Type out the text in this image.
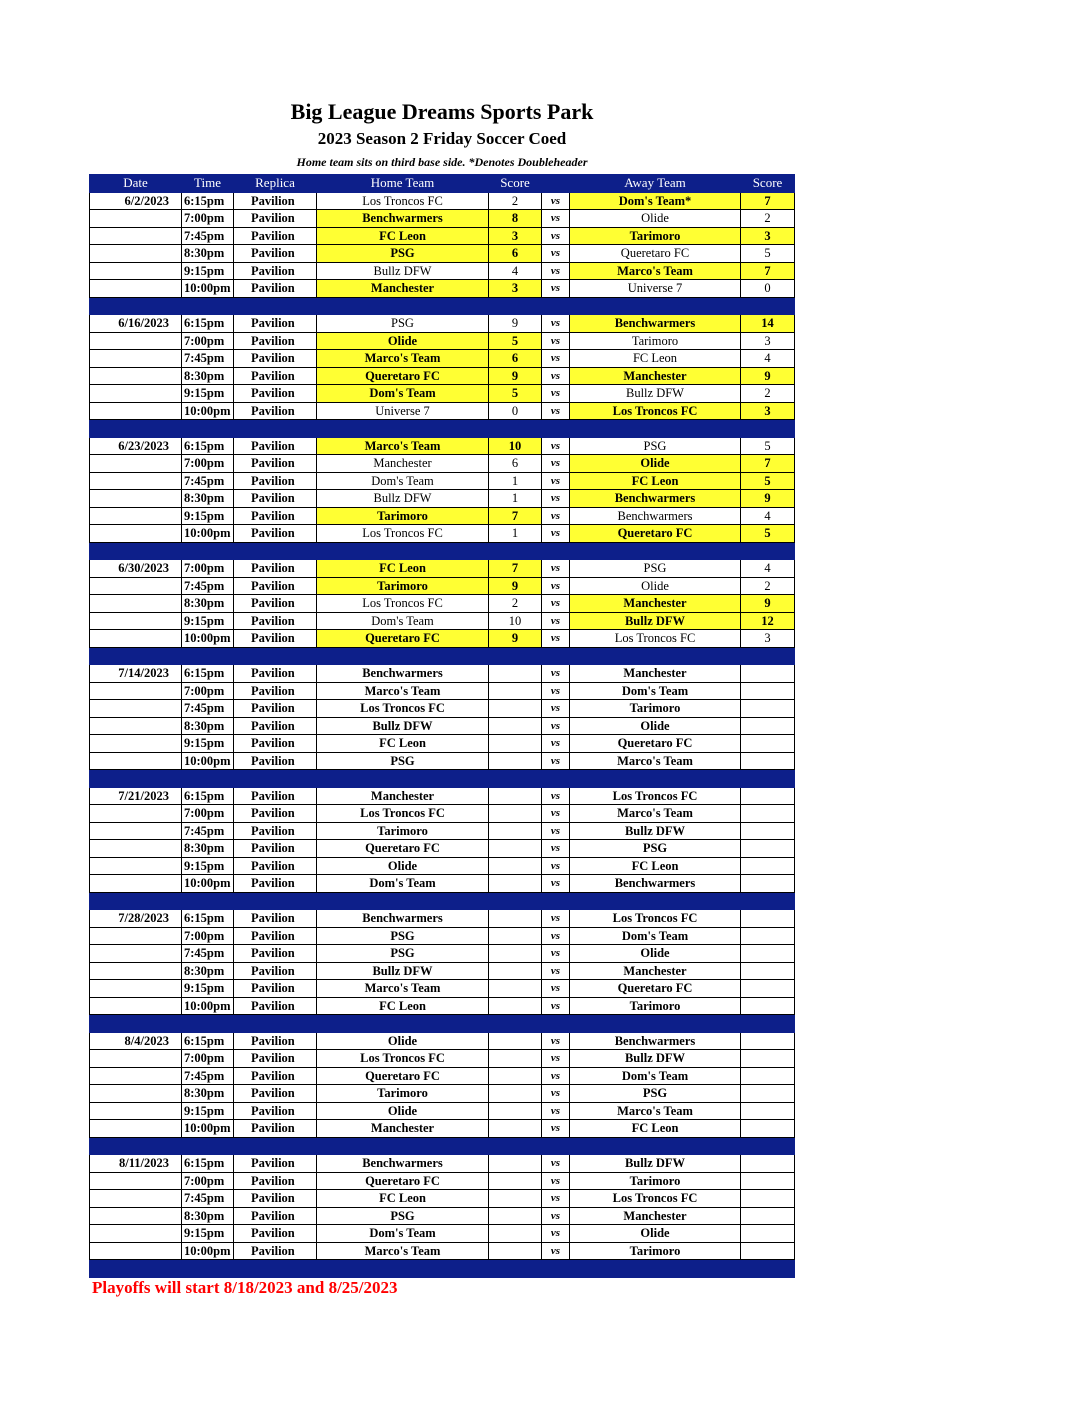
Big League Dreams Sports Park
2023 Season 2 Friday Soccer Coed
Home team sits on third base side. *Denotes Doubleheader
Date	Time	Replica	Home Team	Score		Away Team	Score
6/2/2023	6:15pm	Pavilion	Los Troncos FC	2	vs	Dom's Team*	7
	7:00pm	Pavilion	Benchwarmers	8	vs	Olide	2
	7:45pm	Pavilion	FC Leon	3	vs	Tarimoro	3
	8:30pm	Pavilion	PSG	6	vs	Queretaro FC	5
	9:15pm	Pavilion	Bullz DFW	4	vs	Marco's Team	7
	10:00pm	Pavilion	Manchester	3	vs	Universe 7	0

6/16/2023	6:15pm	Pavilion	PSG	9	vs	Benchwarmers	14
	7:00pm	Pavilion	Olide	5	vs	Tarimoro	3
	7:45pm	Pavilion	Marco's Team	6	vs	FC Leon	4
	8:30pm	Pavilion	Queretaro FC	9	vs	Manchester	9
	9:15pm	Pavilion	Dom's Team	5	vs	Bullz DFW	2
	10:00pm	Pavilion	Universe 7	0	vs	Los Troncos FC	3

6/23/2023	6:15pm	Pavilion	Marco's Team	10	vs	PSG	5
	7:00pm	Pavilion	Manchester	6	vs	Olide	7
	7:45pm	Pavilion	Dom's Team	1	vs	FC Leon	5
	8:30pm	Pavilion	Bullz DFW	1	vs	Benchwarmers	9
	9:15pm	Pavilion	Tarimoro	7	vs	Benchwarmers	4
	10:00pm	Pavilion	Los Troncos FC	1	vs	Queretaro FC	5

6/30/2023	7:00pm	Pavilion	FC Leon	7	vs	PSG	4
	7:45pm	Pavilion	Tarimoro	9	vs	Olide	2
	8:30pm	Pavilion	Los Troncos FC	2	vs	Manchester	9
	9:15pm	Pavilion	Dom's Team	10	vs	Bullz DFW	12
	10:00pm	Pavilion	Queretaro FC	9	vs	Los Troncos FC	3

7/14/2023	6:15pm	Pavilion	Benchwarmers		vs	Manchester	
	7:00pm	Pavilion	Marco's Team		vs	Dom's Team	
	7:45pm	Pavilion	Los Troncos FC		vs	Tarimoro	
	8:30pm	Pavilion	Bullz DFW		vs	Olide	
	9:15pm	Pavilion	FC Leon		vs	Queretaro FC	
	10:00pm	Pavilion	PSG		vs	Marco's Team	

7/21/2023	6:15pm	Pavilion	Manchester		vs	Los Troncos FC	
	7:00pm	Pavilion	Los Troncos FC		vs	Marco's Team	
	7:45pm	Pavilion	Tarimoro		vs	Bullz DFW	
	8:30pm	Pavilion	Queretaro FC		vs	PSG	
	9:15pm	Pavilion	Olide		vs	FC Leon	
	10:00pm	Pavilion	Dom's Team		vs	Benchwarmers	

7/28/2023	6:15pm	Pavilion	Benchwarmers		vs	Los Troncos FC	
	7:00pm	Pavilion	PSG		vs	Dom's Team	
	7:45pm	Pavilion	PSG		vs	Olide	
	8:30pm	Pavilion	Bullz DFW		vs	Manchester	
	9:15pm	Pavilion	Marco's Team		vs	Queretaro FC	
	10:00pm	Pavilion	FC Leon		vs	Tarimoro	

8/4/2023	6:15pm	Pavilion	Olide		vs	Benchwarmers	
	7:00pm	Pavilion	Los Troncos FC		vs	Bullz DFW	
	7:45pm	Pavilion	Queretaro FC		vs	Dom's Team	
	8:30pm	Pavilion	Tarimoro		vs	PSG	
	9:15pm	Pavilion	Olide		vs	Marco's Team	
	10:00pm	Pavilion	Manchester		vs	FC Leon	

8/11/2023	6:15pm	Pavilion	Benchwarmers		vs	Bullz DFW	
	7:00pm	Pavilion	Queretaro FC		vs	Tarimoro	
	7:45pm	Pavilion	FC Leon		vs	Los Troncos FC	
	8:30pm	Pavilion	PSG		vs	Manchester	
	9:15pm	Pavilion	Dom's Team		vs	Olide	
	10:00pm	Pavilion	Marco's Team		vs	Tarimoro	

Playoffs will start 8/18/2023 and 8/25/2023
